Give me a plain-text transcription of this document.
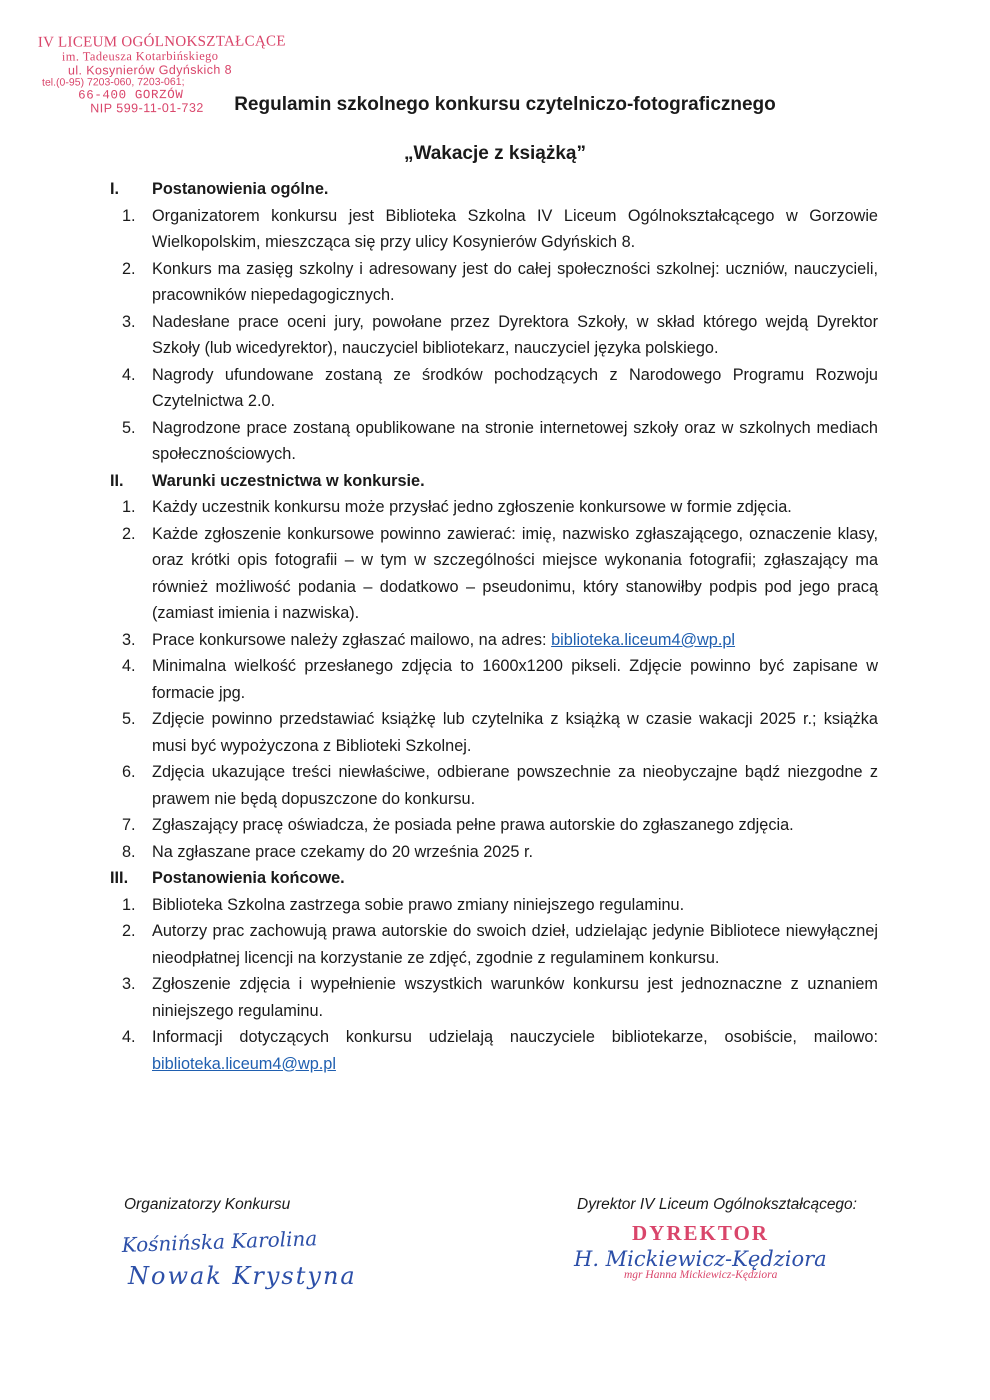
IV LICEUM OGÓLNOKSZTAŁCĄCE
im. Tadeusza Kotarbińskiego
ul. Kosynierów Gdyńskich 8
tel.(0-95) 7203-060, 7203-061;
66-400 GORZÓW
NIP 599-11-01-732	Regulamin szkolnego konkursu czytelniczo-fotograficznego
„Wakacje z książką”
I.	Postanowienia ogólne.
1.	Organizatorem konkursu jest Biblioteka Szkolna IV Liceum Ogólnokształcącego w Gorzowie Wielkopolskim, mieszcząca się przy ulicy Kosynierów Gdyńskich 8.
2.	Konkurs ma zasięg szkolny i adresowany jest do całej społeczności szkolnej: uczniów, nauczycieli, pracowników niepedagogicznych.
3.	Nadesłane prace oceni jury, powołane przez Dyrektora Szkoły, w skład którego wejdą Dyrektor Szkoły (lub wicedyrektor), nauczyciel bibliotekarz, nauczyciel języka polskiego.
4.	Nagrody ufundowane zostaną ze środków pochodzących z Narodowego Programu Rozwoju Czytelnictwa 2.0.
5.	Nagrodzone prace zostaną opublikowane na stronie internetowej szkoły oraz w szkolnych mediach społecznościowych.
II.	Warunki uczestnictwa w konkursie.
1.	Każdy uczestnik konkursu może przysłać jedno zgłoszenie konkursowe w formie zdjęcia.
2.	Każde zgłoszenie konkursowe powinno zawierać: imię, nazwisko zgłaszającego, oznaczenie klasy, oraz krótki opis fotografii – w tym w szczególności miejsce wykonania fotografii; zgłaszający ma również możliwość podania – dodatkowo – pseudonimu, który stanowiłby podpis pod jego pracą (zamiast imienia i nazwiska).
3.	Prace konkursowe należy zgłaszać mailowo, na adres: biblioteka.liceum4@wp.pl
4.	Minimalna wielkość przesłanego zdjęcia to 1600x1200 pikseli. Zdjęcie powinno być zapisane w formacie jpg.
5.	Zdjęcie powinno przedstawiać książkę lub czytelnika z książką w czasie wakacji 2025 r.; książka musi być wypożyczona z Biblioteki Szkolnej.
6.	Zdjęcia ukazujące treści niewłaściwe, odbierane powszechnie za nieobyczajne bądź niezgodne z prawem nie będą dopuszczone do konkursu.
7.	Zgłaszający pracę oświadcza, że posiada pełne prawa autorskie do zgłaszanego zdjęcia.
8.	Na zgłaszane prace czekamy do 20 września 2025 r.
III.	Postanowienia końcowe.
1.	Biblioteka Szkolna zastrzega sobie prawo zmiany niniejszego regulaminu.
2.	Autorzy prac zachowują prawa autorskie do swoich dzieł, udzielając jedynie Bibliotece niewyłącznej nieodpłatnej licencji na korzystanie ze zdjęć, zgodnie z regulaminem konkursu.
3.	Zgłoszenie zdjęcia i wypełnienie wszystkich warunków konkursu jest jednoznaczne z uznaniem niniejszego regulaminu.
4.	Informacji dotyczących konkursu udzielają nauczyciele bibliotekarze, osobiście, mailowo: biblioteka.liceum4@wp.pl
Organizatorzy Konkursu	Dyrektor IV Liceum Ogólnokształcącego:
Kośnińska Karolina
Nowak Krystyna
DYREKTOR
H. Mickiewicz-Kędziora
mgr Hanna Mickiewicz-Kędziora
